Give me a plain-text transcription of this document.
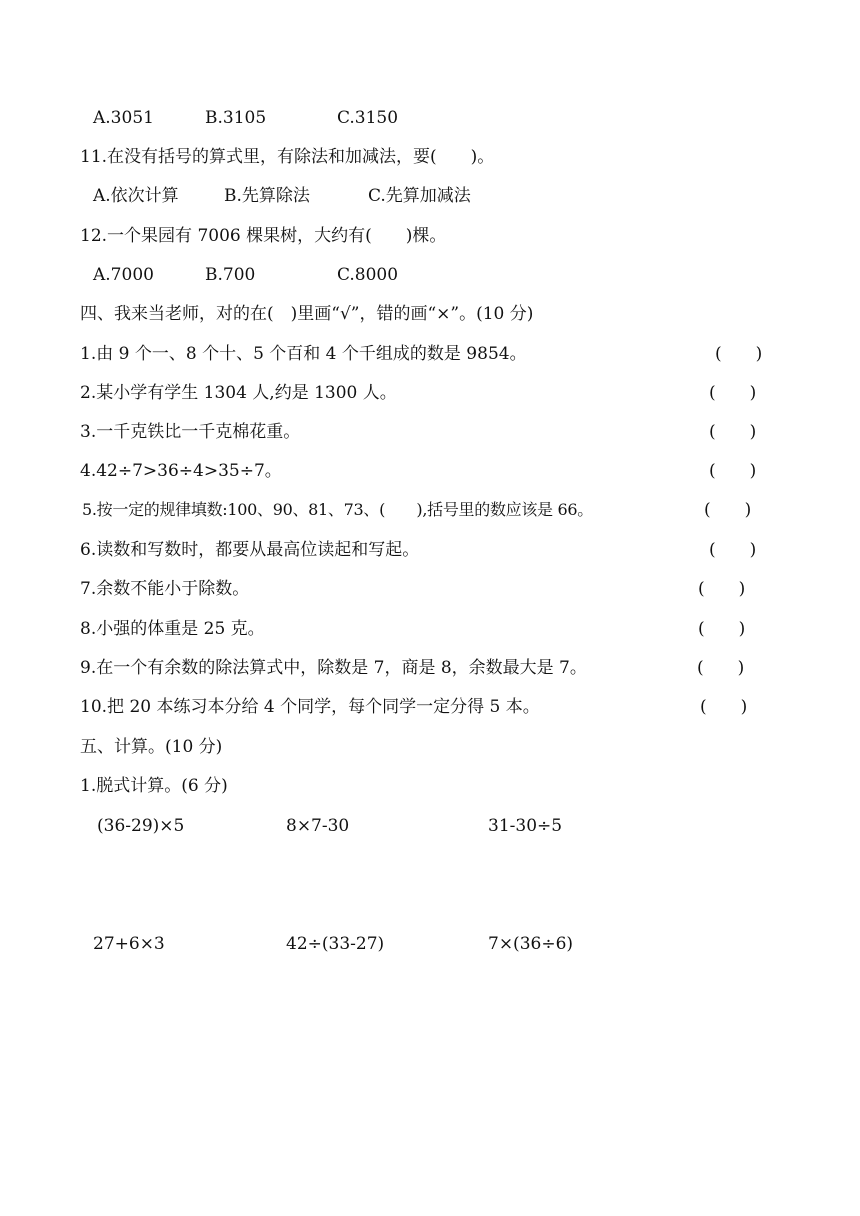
A.3051	B.3105	C.3150
11.在没有括号的算式里，有除法和加减法，要(　　)。
A.依次计算	B.先算除法	C.先算加减法
12.一个果园有 7006 棵果树，大约有(　　)棵。
A.7000	B.700	C.8000
四、我来当老师，对的在(　)里画“√”，错的画“×”。(10 分)
1.由 9 个一、8 个十、5 个百和 4 个千组成的数是 9854。	(　　)
2.某小学有学生 1304 人,约是 1300 人。	(　　)
3.一千克铁比一千克棉花重。	(　　)
4.42÷7>36÷4>35÷7。	(　　)
5.按一定的规律填数:100、90、81、73、(　　),括号里的数应该是 66。	(　　)
6.读数和写数时，都要从最高位读起和写起。	(　　)
7.余数不能小于除数。	(　　)
8.小强的体重是 25 克。	(　　)
9.在一个有余数的除法算式中，除数是 7，商是 8，余数最大是 7。	(　　)
10.把 20 本练习本分给 4 个同学，每个同学一定分得 5 本。	(　　)
五、计算。(10 分)
1.脱式计算。(6 分)
(36-29)×5	8×7-30	31-30÷5
27+6×3	42÷(33-27)	7×(36÷6)
